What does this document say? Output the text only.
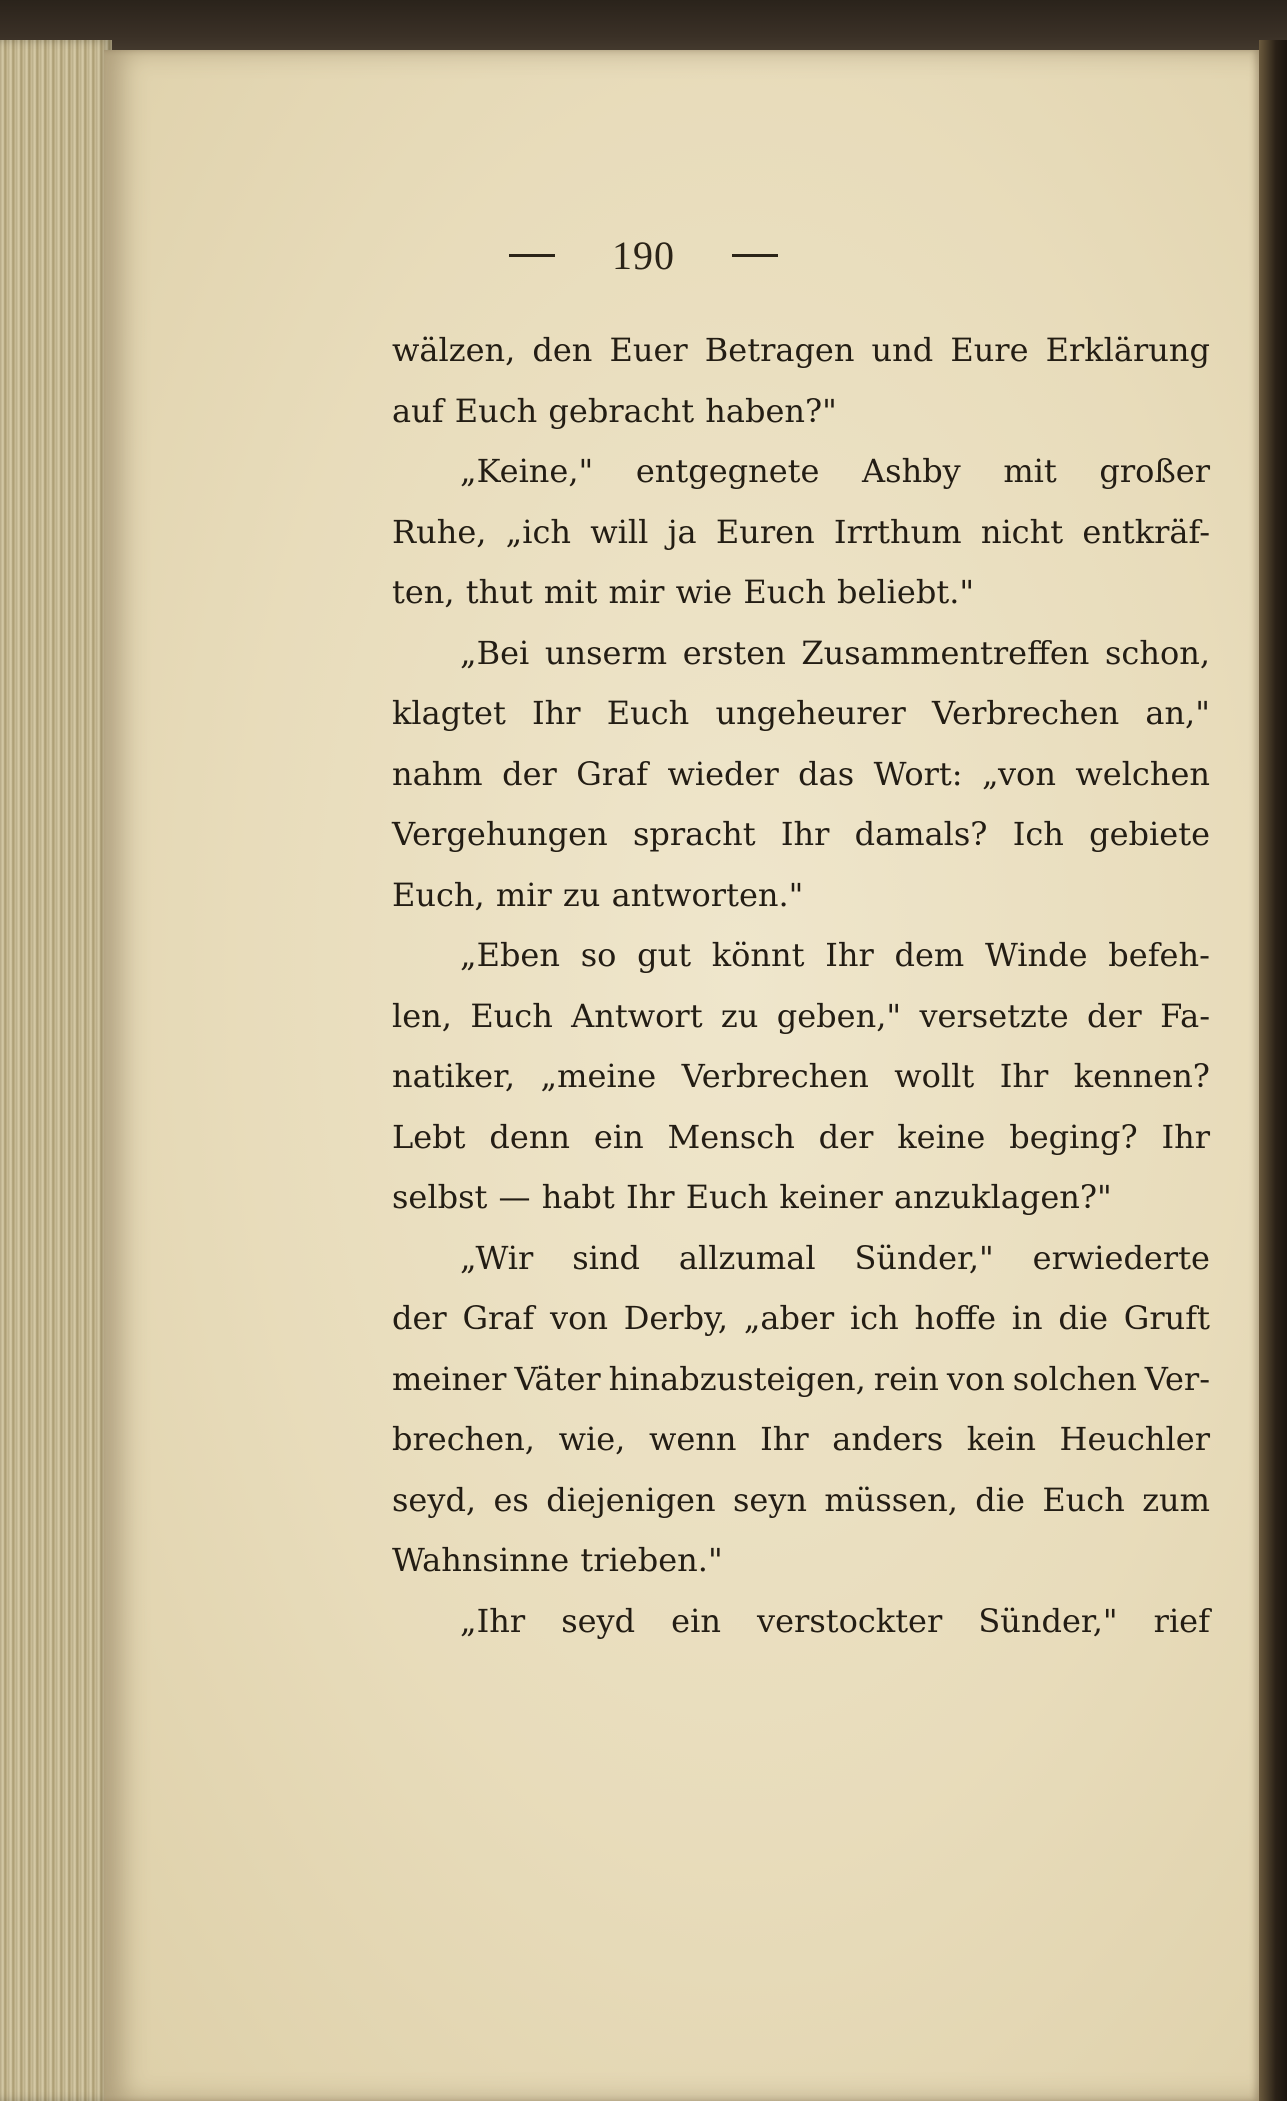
190
wälzen, den Euer Betragen und Eure Erklärung
auf Euch gebracht haben?"
„Keine," entgegnete Ashby mit großer
Ruhe, „ich will ja Euren Irrthum nicht entkräf-
ten, thut mit mir wie Euch beliebt."
„Bei unserm ersten Zusammentreffen schon,
klagtet Ihr Euch ungeheurer Verbrechen an,"
nahm der Graf wieder das Wort: „von welchen
Vergehungen spracht Ihr damals? Ich gebiete
Euch, mir zu antworten."
„Eben so gut könnt Ihr dem Winde befeh-
len, Euch Antwort zu geben," versetzte der Fa-
natiker, „meine Verbrechen wollt Ihr kennen?
Lebt denn ein Mensch der keine beging? Ihr
selbst — habt Ihr Euch keiner anzuklagen?"
„Wir sind allzumal Sünder," erwiederte
der Graf von Derby, „aber ich hoffe in die Gruft
meiner Väter hinabzusteigen, rein von solchen Ver-
brechen, wie, wenn Ihr anders kein Heuchler
seyd, es diejenigen seyn müssen, die Euch zum
Wahnsinne trieben."
„Ihr seyd ein verstockter Sünder," rief
